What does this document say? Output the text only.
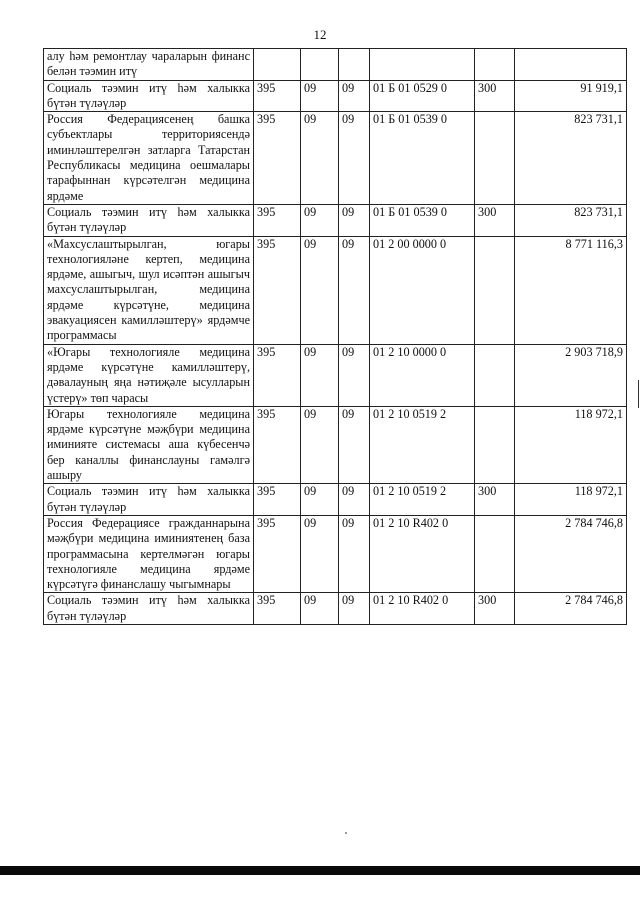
12
алу һәм ремонтлау чараларын финанс белән тәэмин итү						
Социаль тәэмин итү һәм халыкка бүтән түләүләр	395	09	09	01 Б 01 0529 0	300	91 919,1
Россия Федерациясенең башка субъектлары территориясендә иминләштерелгән затларга Татарстан Республикасы медицина оешмалары тарафыннан күрсәтелгән медицина ярдәме	395	09	09	01 Б 01 0539 0		823 731,1
Социаль тәэмин итү һәм халыкка бүтән түләүләр	395	09	09	01 Б 01 0539 0	300	823 731,1
«Махсуслаштырылган, югары технологияләне кертеп, медицина ярдәме, ашыгыч, шул исәптән ашыгыч махсуслаштырылган, медицина ярдәме күрсәтүне, медицина эвакуациясен камилләштерү» ярдәмче программасы	395	09	09	01 2 00 0000 0		8 771 116,3
«Югары технологияле медицина ярдәме күрсәтүне камилләштерү, дәвалауның яңа нәтиҗәле ысулларын үстерү» төп чарасы	395	09	09	01 2 10 0000 0		2 903 718,9
Югары технологияле медицина ярдәме күрсәтүне мәҗбүри медицина иминияте системасы аша күбесенчә бер каналлы финанслауны гамәлгә ашыру	395	09	09	01 2 10 0519 2		118 972,1
Социаль тәэмин итү һәм халыкка бүтән түләүләр	395	09	09	01 2 10 0519 2	300	118 972,1
Россия Федерациясе гражданнарына мәҗбүри медицина иминиятенең база программасына кертелмәгән югары технологияле медицина ярдәме күрсәтүгә финанслашу чыгымнары	395	09	09	01 2 10 R402 0		2 784 746,8
Социаль тәэмин итү һәм халыкка бүтән түләүләр	395	09	09	01 2 10 R402 0	300	2 784 746,8
